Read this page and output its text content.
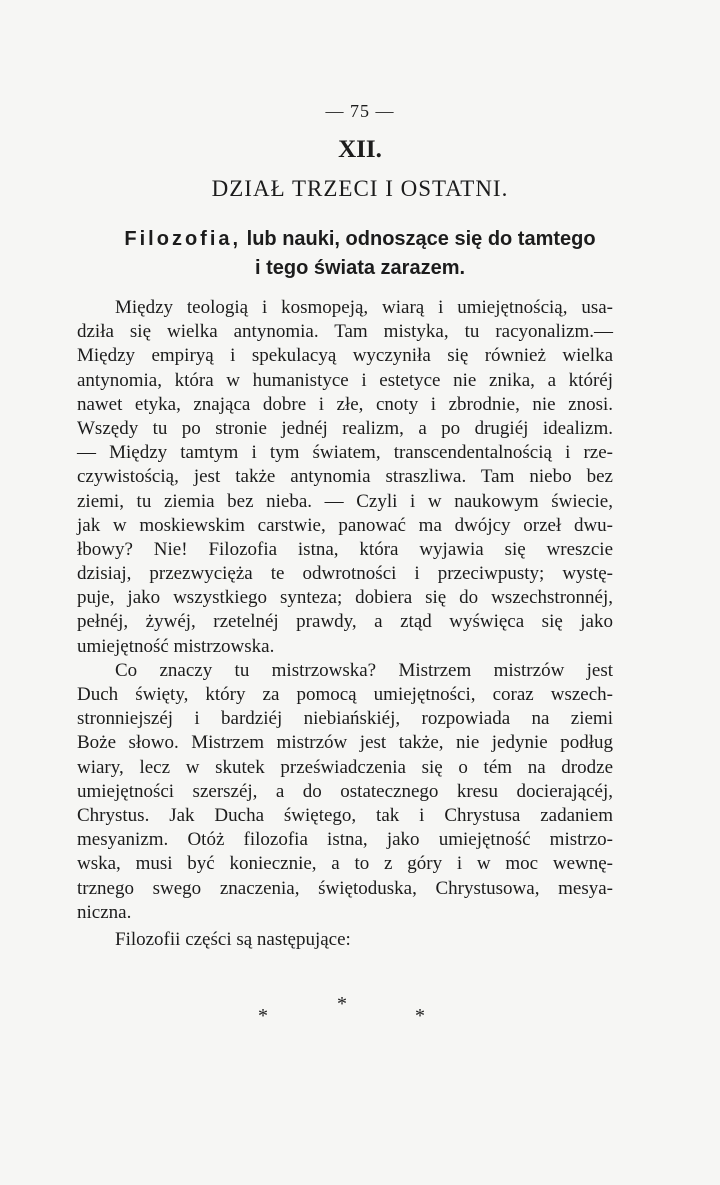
— 75 —
XII.
DZIAŁ TRZECI I OSTATNI.
Filozofia, lub nauki, odnoszące się do tamtego
i tego świata zarazem.
Między teologią i kosmopeją, wiarą i umiejętnością, usa-
dziła się wielka antynomia. Tam mistyka, tu racyonalizm.—
Między empiryą i spekulacyą wyczyniła się również wielka
antynomia, która w humanistyce i estetyce nie znika, a któréj
nawet etyka, znająca dobre i złe, cnoty i zbrodnie, nie znosi.
Wszędy tu po stronie jednéj realizm, a po drugiéj idealizm.
— Między tamtym i tym światem, transcendentalnością i rze-
czywistością, jest także antynomia straszliwa. Tam niebo bez
ziemi, tu ziemia bez nieba. — Czyli i w naukowym świecie,
jak w moskiewskim carstwie, panować ma dwójcy orzeł dwu-
łbowy? Nie! Filozofia istna, która wyjawia się wreszcie
dzisiaj, przezwycięża te odwrotności i przeciwpusty; wystę-
puje, jako wszystkiego synteza; dobiera się do wszechstronnéj,
pełnéj, żywéj, rzetelnéj prawdy, a ztąd wyświęca się jako
umiejętność mistrzowska.
Co znaczy tu mistrzowska? Mistrzem mistrzów jest
Duch święty, który za pomocą umiejętności, coraz wszech-
stronniejszéj i bardziéj niebiańskiéj, rozpowiada na ziemi
Boże słowo. Mistrzem mistrzów jest także, nie jedynie podług
wiary, lecz w skutek przeświadczenia się o tém na drodze
umiejętności szerszéj, a do ostatecznego kresu docierającéj,
Chrystus. Jak Ducha świętego, tak i Chrystusa zadaniem
mesyanizm. Otóż filozofia istna, jako umiejętność mistrzo-
wska, musi być koniecznie, a to z góry i w moc wewnę-
trznego swego znaczenia, świętoduska, Chrystusowa, mesya-
niczna.
Filozofii części są następujące:
*
*
*
